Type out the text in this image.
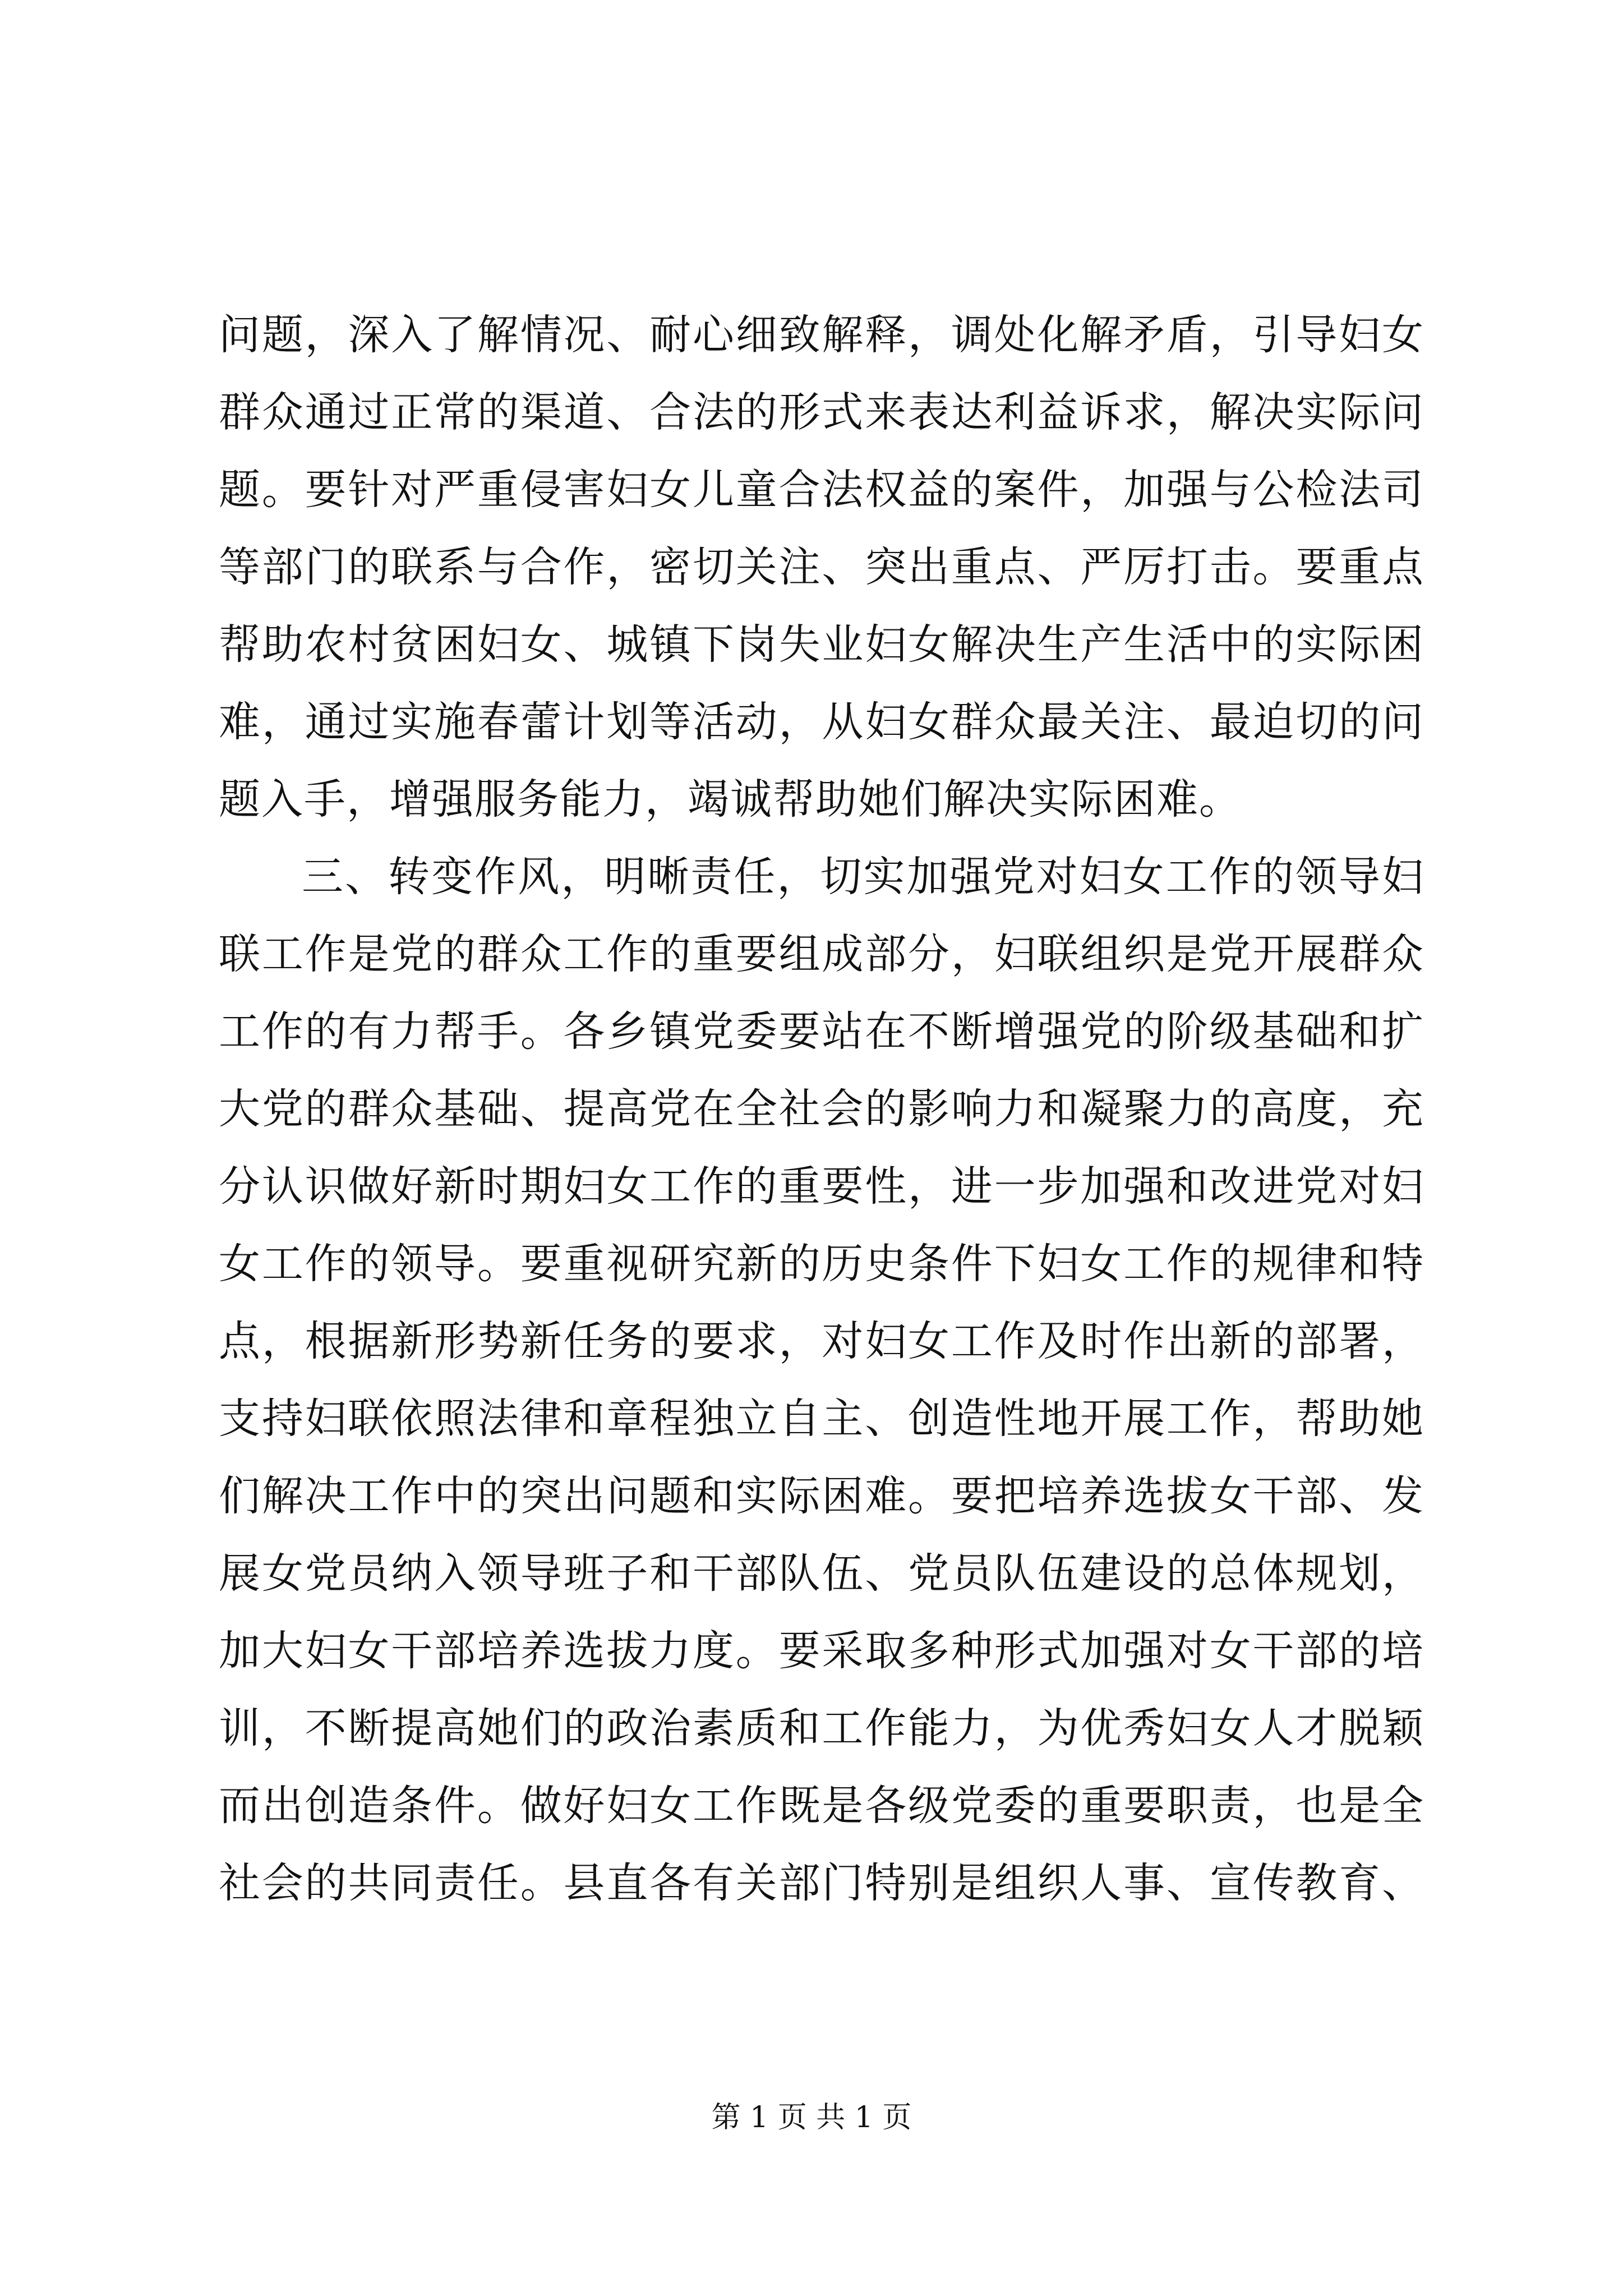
问题，深入了解情况、耐心细致解释，调处化解矛盾，引导妇女
群众通过正常的渠道、合法的形式来表达利益诉求，解决实际问
题。要针对严重侵害妇女儿童合法权益的案件，加强与公检法司
等部门的联系与合作，密切关注、突出重点、严厉打击。要重点
帮助农村贫困妇女、城镇下岗失业妇女解决生产生活中的实际困
难，通过实施春蕾计划等活动，从妇女群众最关注、最迫切的问
题入手，增强服务能力，竭诚帮助她们解决实际困难。
三、转变作风，明晰责任，切实加强党对妇女工作的领导妇
联工作是党的群众工作的重要组成部分，妇联组织是党开展群众
工作的有力帮手。各乡镇党委要站在不断增强党的阶级基础和扩
大党的群众基础、提高党在全社会的影响力和凝聚力的高度，充
分认识做好新时期妇女工作的重要性，进一步加强和改进党对妇
女工作的领导。要重视研究新的历史条件下妇女工作的规律和特
点，根据新形势新任务的要求，对妇女工作及时作出新的部署，
支持妇联依照法律和章程独立自主、创造性地开展工作，帮助她
们解决工作中的突出问题和实际困难。要把培养选拔女干部、发
展女党员纳入领导班子和干部队伍、党员队伍建设的总体规划，
加大妇女干部培养选拔力度。要采取多种形式加强对女干部的培
训，不断提高她们的政治素质和工作能力，为优秀妇女人才脱颖
而出创造条件。做好妇女工作既是各级党委的重要职责，也是全
社会的共同责任。县直各有关部门特别是组织人事、宣传教育、
第 1 页 共 1 页
